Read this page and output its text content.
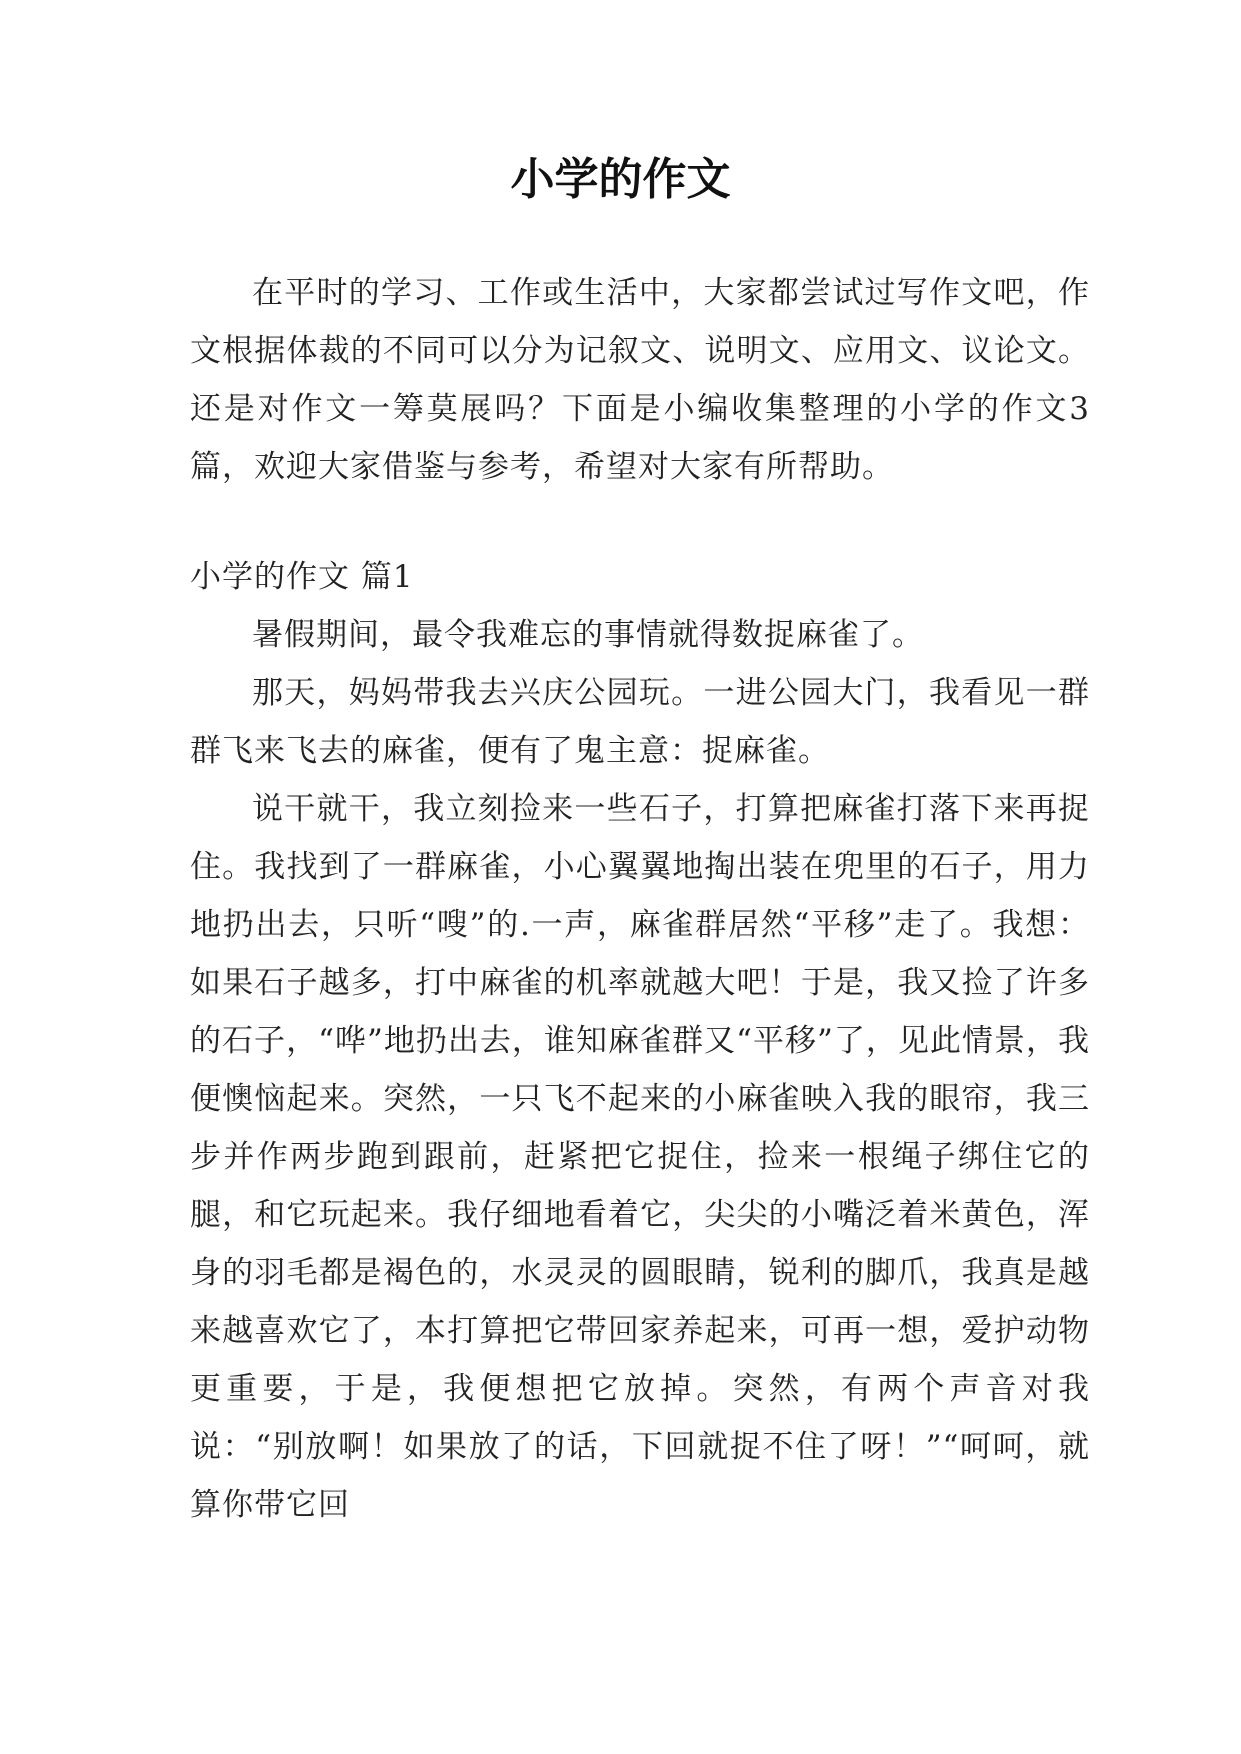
小学的作文

在平时的学习、工作或生活中，大家都尝试过写作文吧，作文根据体裁的不同可以分为记叙文、说明文、应用文、议论文。还是对作文一筹莫展吗？下面是小编收集整理的小学的作文3篇，欢迎大家借鉴与参考，希望对大家有所帮助。

小学的作文 篇1

暑假期间，最令我难忘的事情就得数捉麻雀了。

那天，妈妈带我去兴庆公园玩。一进公园大门，我看见一群群飞来飞去的麻雀，便有了鬼主意：捉麻雀。

说干就干，我立刻捡来一些石子，打算把麻雀打落下来再捉住。我找到了一群麻雀，小心翼翼地掏出装在兜里的石子，用力地扔出去，只听“嗖”的.一声，麻雀群居然“平移”走了。我想：如果石子越多，打中麻雀的机率就越大吧！于是，我又捡了许多的石子，“哗”地扔出去，谁知麻雀群又“平移”了，见此情景，我便懊恼起来。突然，一只飞不起来的小麻雀映入我的眼帘，我三步并作两步跑到跟前，赶紧把它捉住，捡来一根绳子绑住它的腿，和它玩起来。我仔细地看着它，尖尖的小嘴泛着米黄色，浑身的羽毛都是褐色的，水灵灵的圆眼睛，锐利的脚爪，我真是越来越喜欢它了，本打算把它带回家养起来，可再一想，爱护动物更重要，于是，我便想把它放掉。突然，有两个声音对我说：“别放啊！如果放了的话，下回就捉不住了呀！”“呵呵，就算你带它回
